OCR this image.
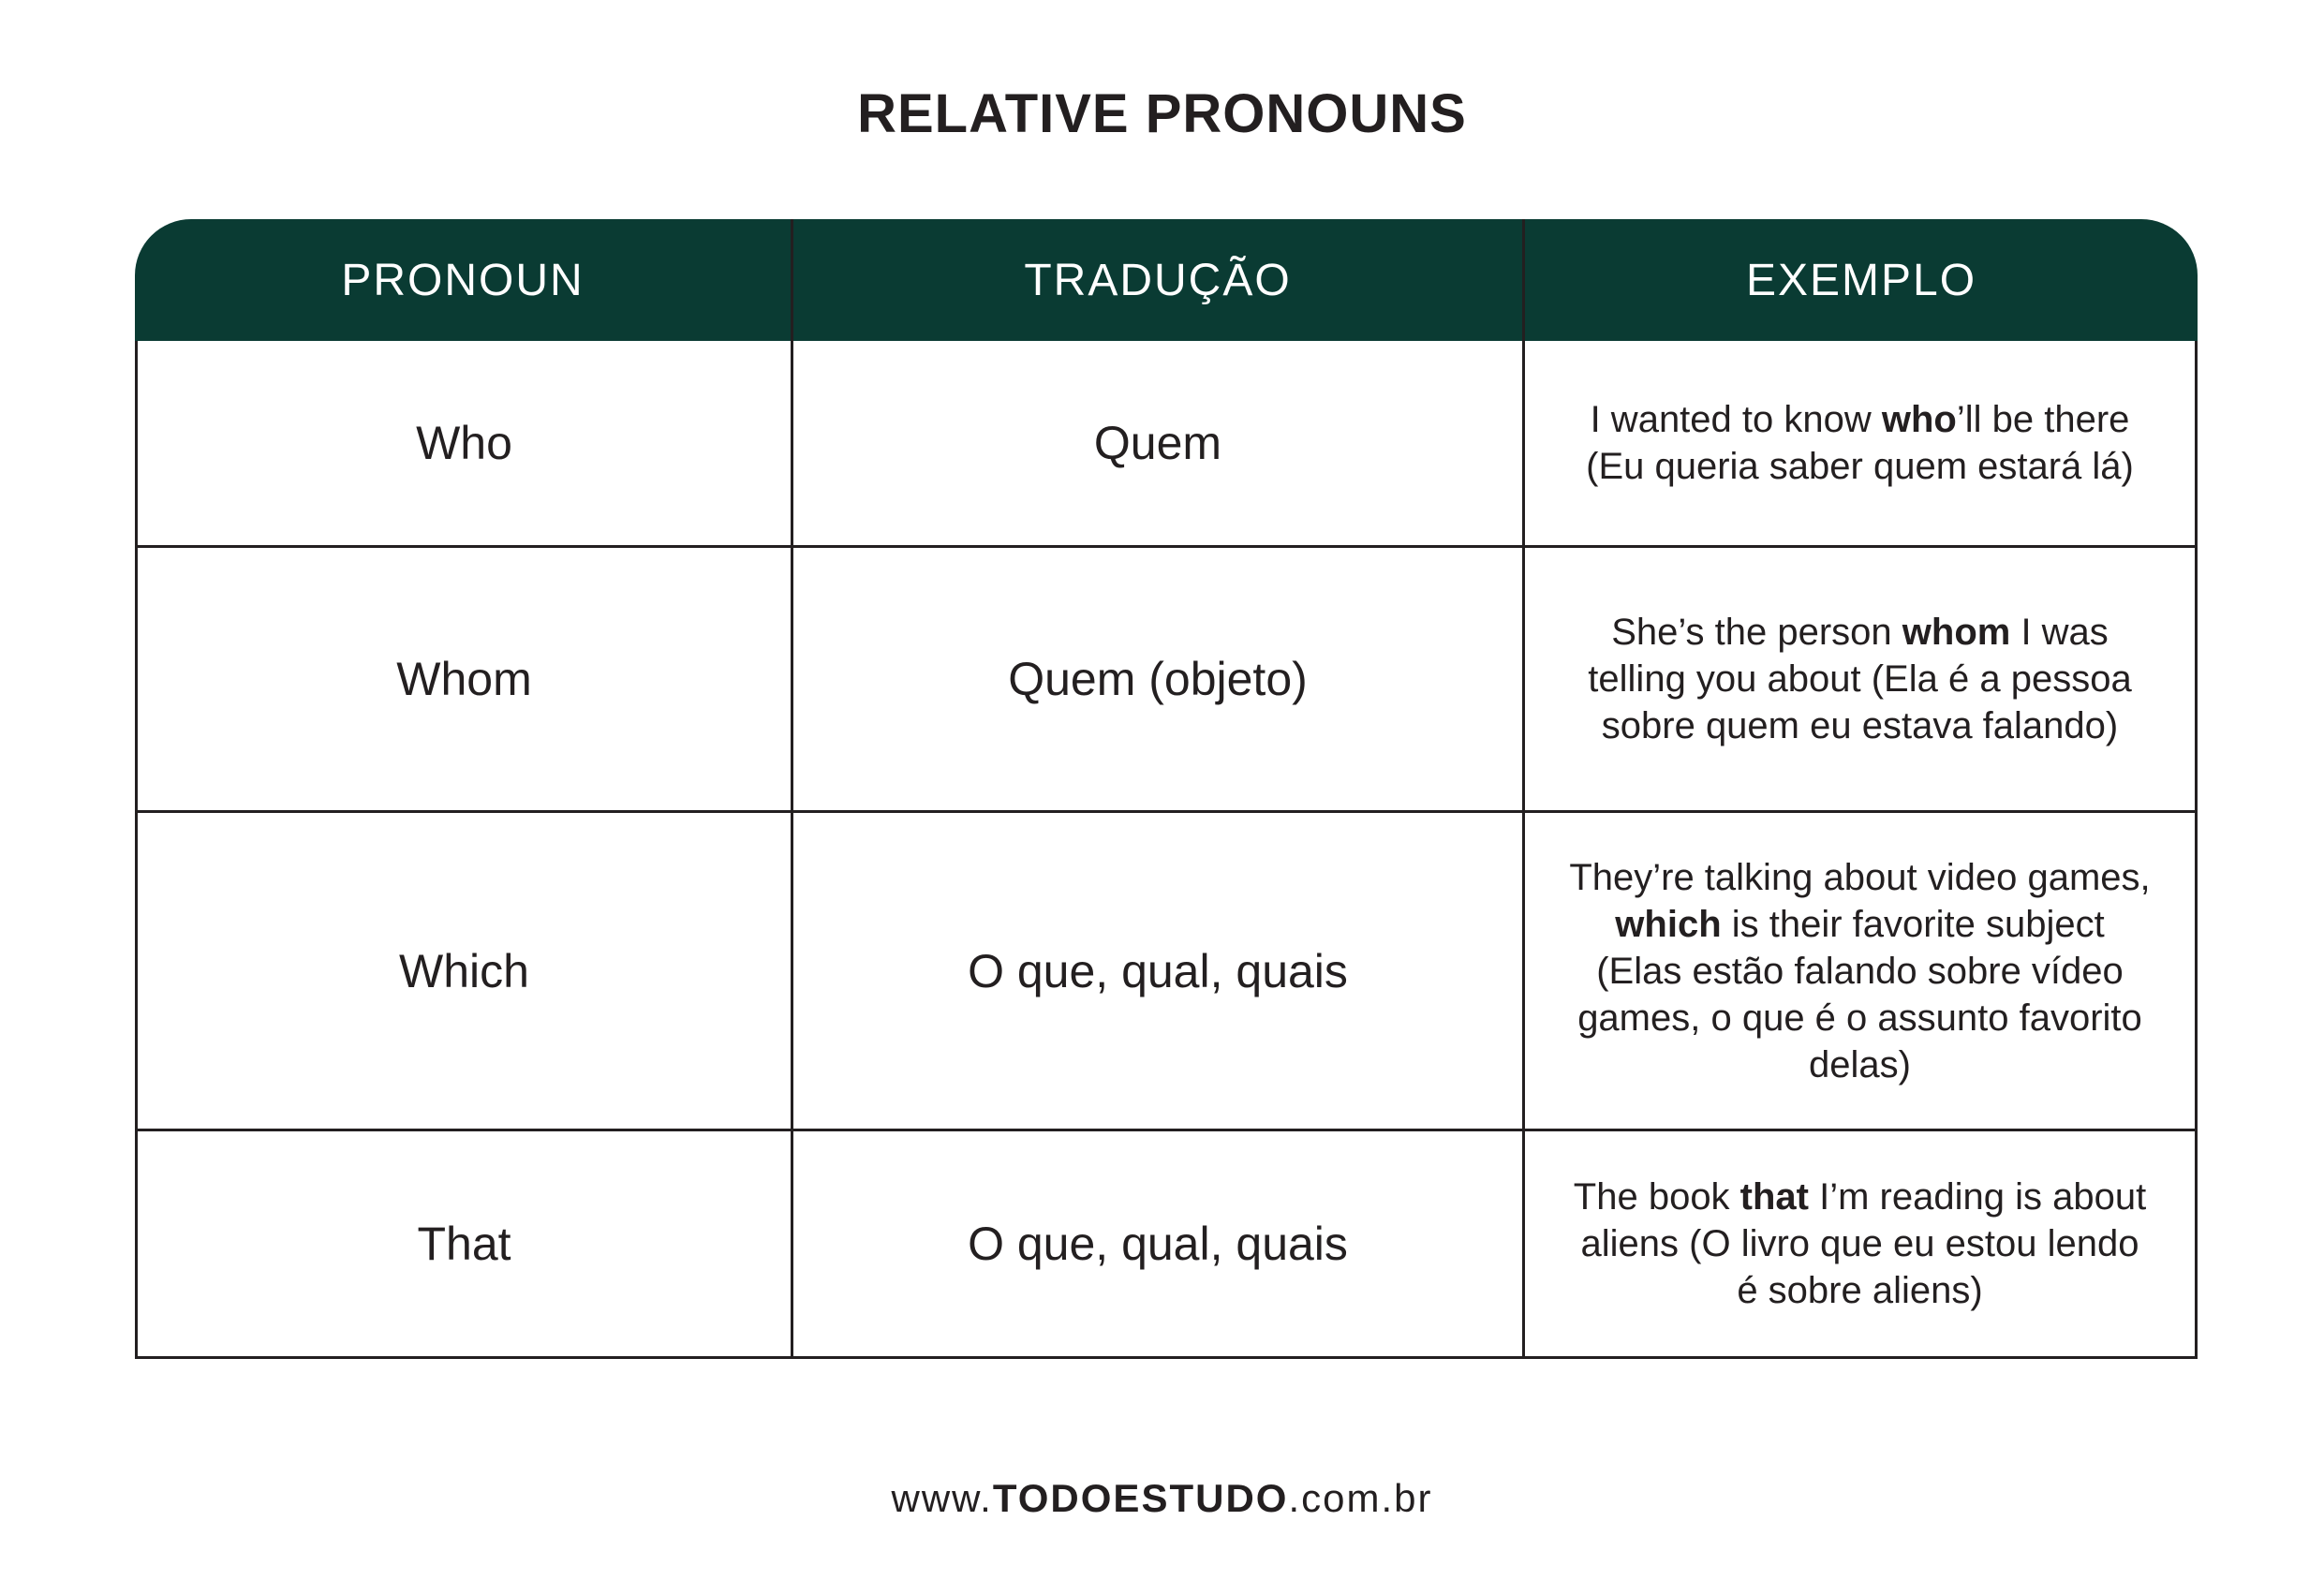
RELATIVE PRONOUNS
PRONOUN	TRADUÇÃO	EXEMPLO
Who	Quem	I wanted to know who’ll be there (Eu queria saber quem estará lá)
Whom	Quem (objeto)	She’s the person whom I was telling you about (Ela é a pessoa sobre quem eu estava falando)
Which	O que, qual, quais	They’re talking about video games, which is their favorite subject (Elas estão falando sobre vídeo games, o que é o assunto favorito delas)
That	O que, qual, quais	The book that I’m reading is about aliens (O livro que eu estou lendo é sobre aliens)
www.TODOESTUDO.com.br
